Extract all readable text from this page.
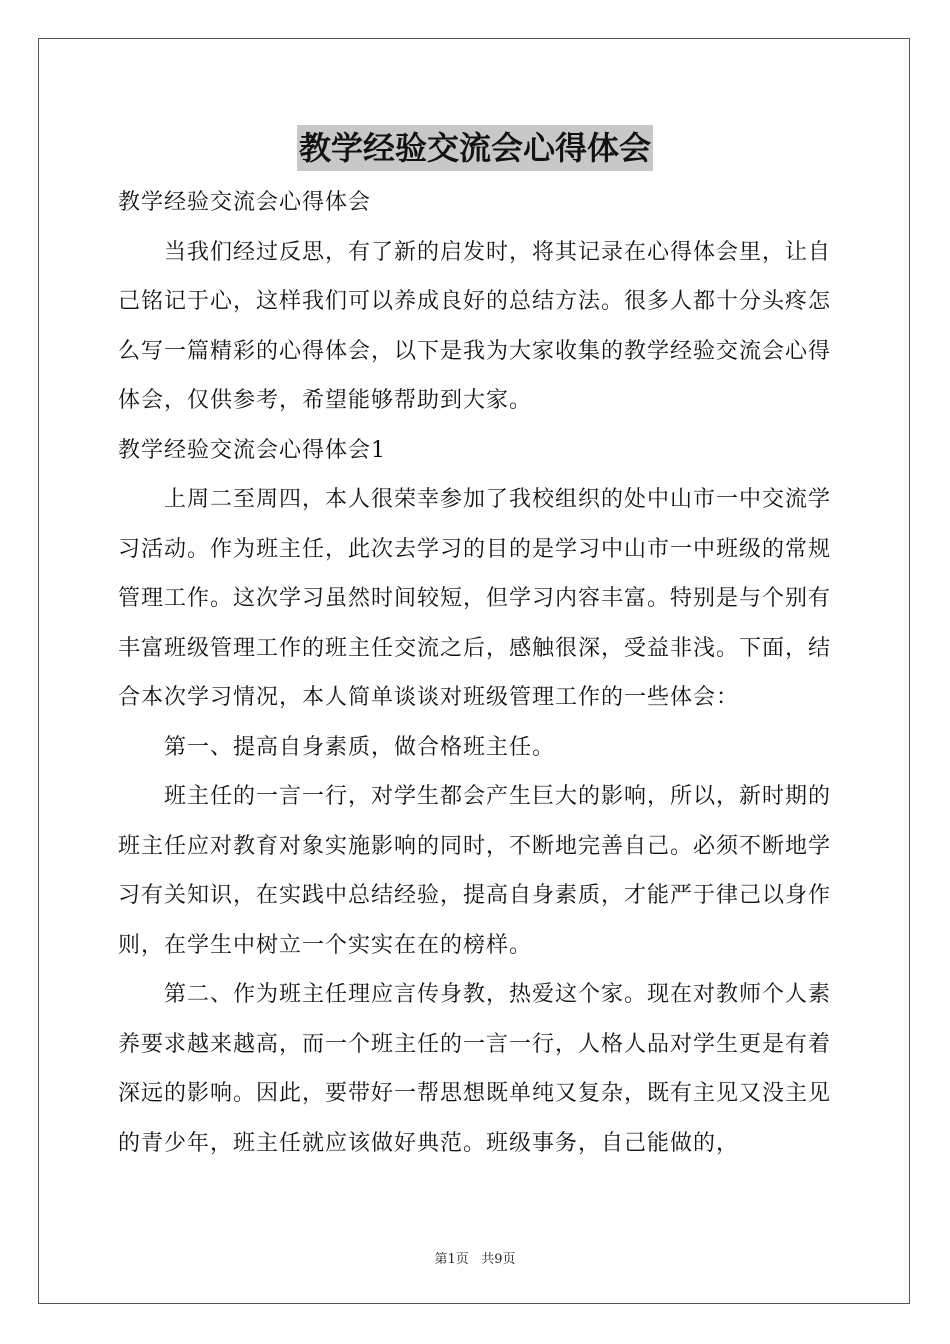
教学经验交流会心得体会

教学经验交流会心得体会

当我们经过反思，有了新的启发时，将其记录在心得体会里，让自己铭记于心，这样我们可以养成良好的总结方法。很多人都十分头疼怎么写一篇精彩的心得体会，以下是我为大家收集的教学经验交流会心得体会，仅供参考，希望能够帮助到大家。

教学经验交流会心得体会1

上周二至周四，本人很荣幸参加了我校组织的处中山市一中交流学习活动。作为班主任，此次去学习的目的是学习中山市一中班级的常规管理工作。这次学习虽然时间较短，但学习内容丰富。特别是与个别有丰富班级管理工作的班主任交流之后，感触很深，受益非浅。下面，结合本次学习情况，本人简单谈谈对班级管理工作的一些体会：

第一、提高自身素质，做合格班主任。

班主任的一言一行，对学生都会产生巨大的影响，所以，新时期的班主任应对教育对象实施影响的同时，不断地完善自己。必须不断地学习有关知识，在实践中总结经验，提高自身素质，才能严于律己以身作则，在学生中树立一个实实在在的榜样。

第二、作为班主任理应言传身教，热爱这个家。现在对教师个人素养要求越来越高，而一个班主任的一言一行，人格人品对学生更是有着深远的影响。因此，要带好一帮思想既单纯又复杂，既有主见又没主见的青少年，班主任就应该做好典范。班级事务，自己能做的，

第1页 共9页
